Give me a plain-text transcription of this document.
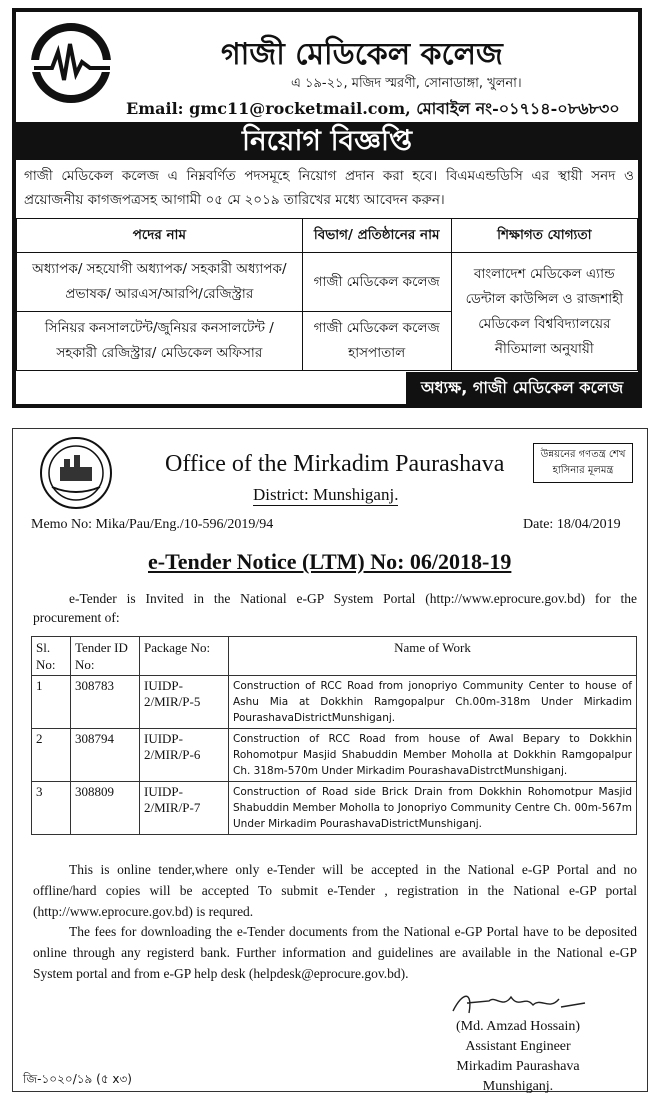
গাজী মেডিকেল কলেজ
এ ১৯-২১, মজিদ স্মরণী, সোনাডাঙ্গা, খুলনা।
Email: gmc11@rocketmail.com, মোবাইল নং-০১৭১৪-০৮৬৮৩০
নিয়োগ বিজ্ঞপ্তি
গাজী মেডিকেল কলেজ এ নিম্নবর্ণিত পদসমূহে নিয়োগ প্রদান করা হবে। বিএমএন্ডডিসি এর স্থায়ী সনদ ও প্রয়োজনীয় কাগজপত্রসহ আগামী ০৫ মে ২০১৯ তারিখের মধ্যে আবেদন করুন।
পদের নাম	বিভাগ/ প্রতিষ্ঠানের নাম	শিক্ষাগত যোগ্যতা
অধ্যাপক/ সহযোগী অধ্যাপক/ সহকারী অধ্যাপক/ প্রভাষক/ আরএস/আরপি/রেজিস্ট্রার	গাজী মেডিকেল কলেজ	বাংলাদেশ মেডিকেল এ্যান্ড ডেন্টাল কাউন্সিল ও রাজশাহী মেডিকেল বিশ্ববিদ্যালয়ের নীতিমালা অনুযায়ী
সিনিয়র কনসালটেন্ট/জুনিয়র কনসালটেন্ট / সহকারী রেজিস্ট্রার/ মেডিকেল অফিসার	গাজী মেডিকেল কলেজ হাসপাতাল	
অধ্যক্ষ, গাজী মেডিকেল কলেজ
Office of the Mirkadim Paurashava
District: Munshiganj.
উন্নয়নের গণতন্ত্র শেখ হাসিনার মূলমন্ত্র
Memo No: Mika/Pau/Eng./10-596/2019/94	Date: 18/04/2019
e-Tender Notice (LTM) No: 06/2018-19
e-Tender is Invited in the National e-GP System Portal (http://www.eprocure.gov.bd) for the procurement of:
Sl. No:	Tender ID No:	Package No:	Name of Work
1	308783	IUIDP-2/MIR/P-5	Construction of RCC Road from jonopriyo Community Center to house of Ashu Mia at Dokkhin Ramgopalpur Ch.00m-318m Under Mirkadim PourashavaDistrictMunshiganj.
2	308794	IUIDP-2/MIR/P-6	Construction of RCC Road from house of Awal Bepary to Dokkhin Rohomotpur Masjid Shabuddin Member Moholla at Dokkhin Ramgopalpur Ch. 318m-570m Under Mirkadim PourashavaDistrctMunshiganj.
3	308809	IUIDP-2/MIR/P-7	Construction of Road side Brick Drain from Dokkhin Rohomotpur Masjid Shabuddin Member Moholla to Jonopriyo Community Centre Ch. 00m-567m Under Mirkadim PourashavaDistrictMunshiganj.
This is online tender,where only e-Tender will be accepted in the National e-GP Portal and no offline/hard copies will be accepted To submit e-Tender , registration in the National e-GP portal (http://www.eprocure.gov.bd) is requred.
The fees for downloading the e-Tender documents from the National e-GP Portal have to be deposited online through any registerd bank. Further information and guidelines are available in the National e-GP System portal and from e-GP help desk (helpdesk@eprocure.gov.bd).
(Md. Amzad Hossain)
Assistant Engineer
Mirkadim Paurashava
Munshiganj.
জি-১০২০/১৯ (৫ x৩)
